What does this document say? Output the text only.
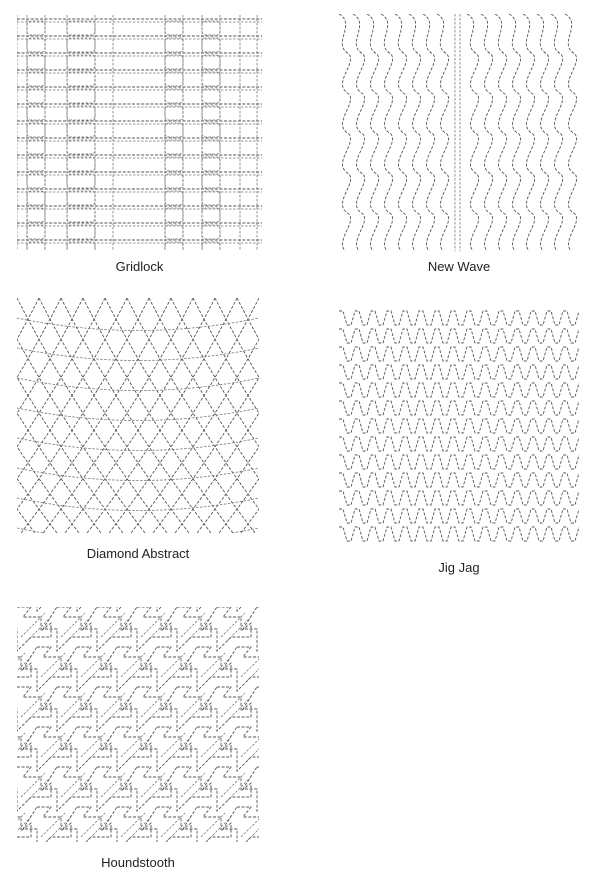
Gridlock	New Wave
Diamond Abstract
Jig Jag
Houndstooth
